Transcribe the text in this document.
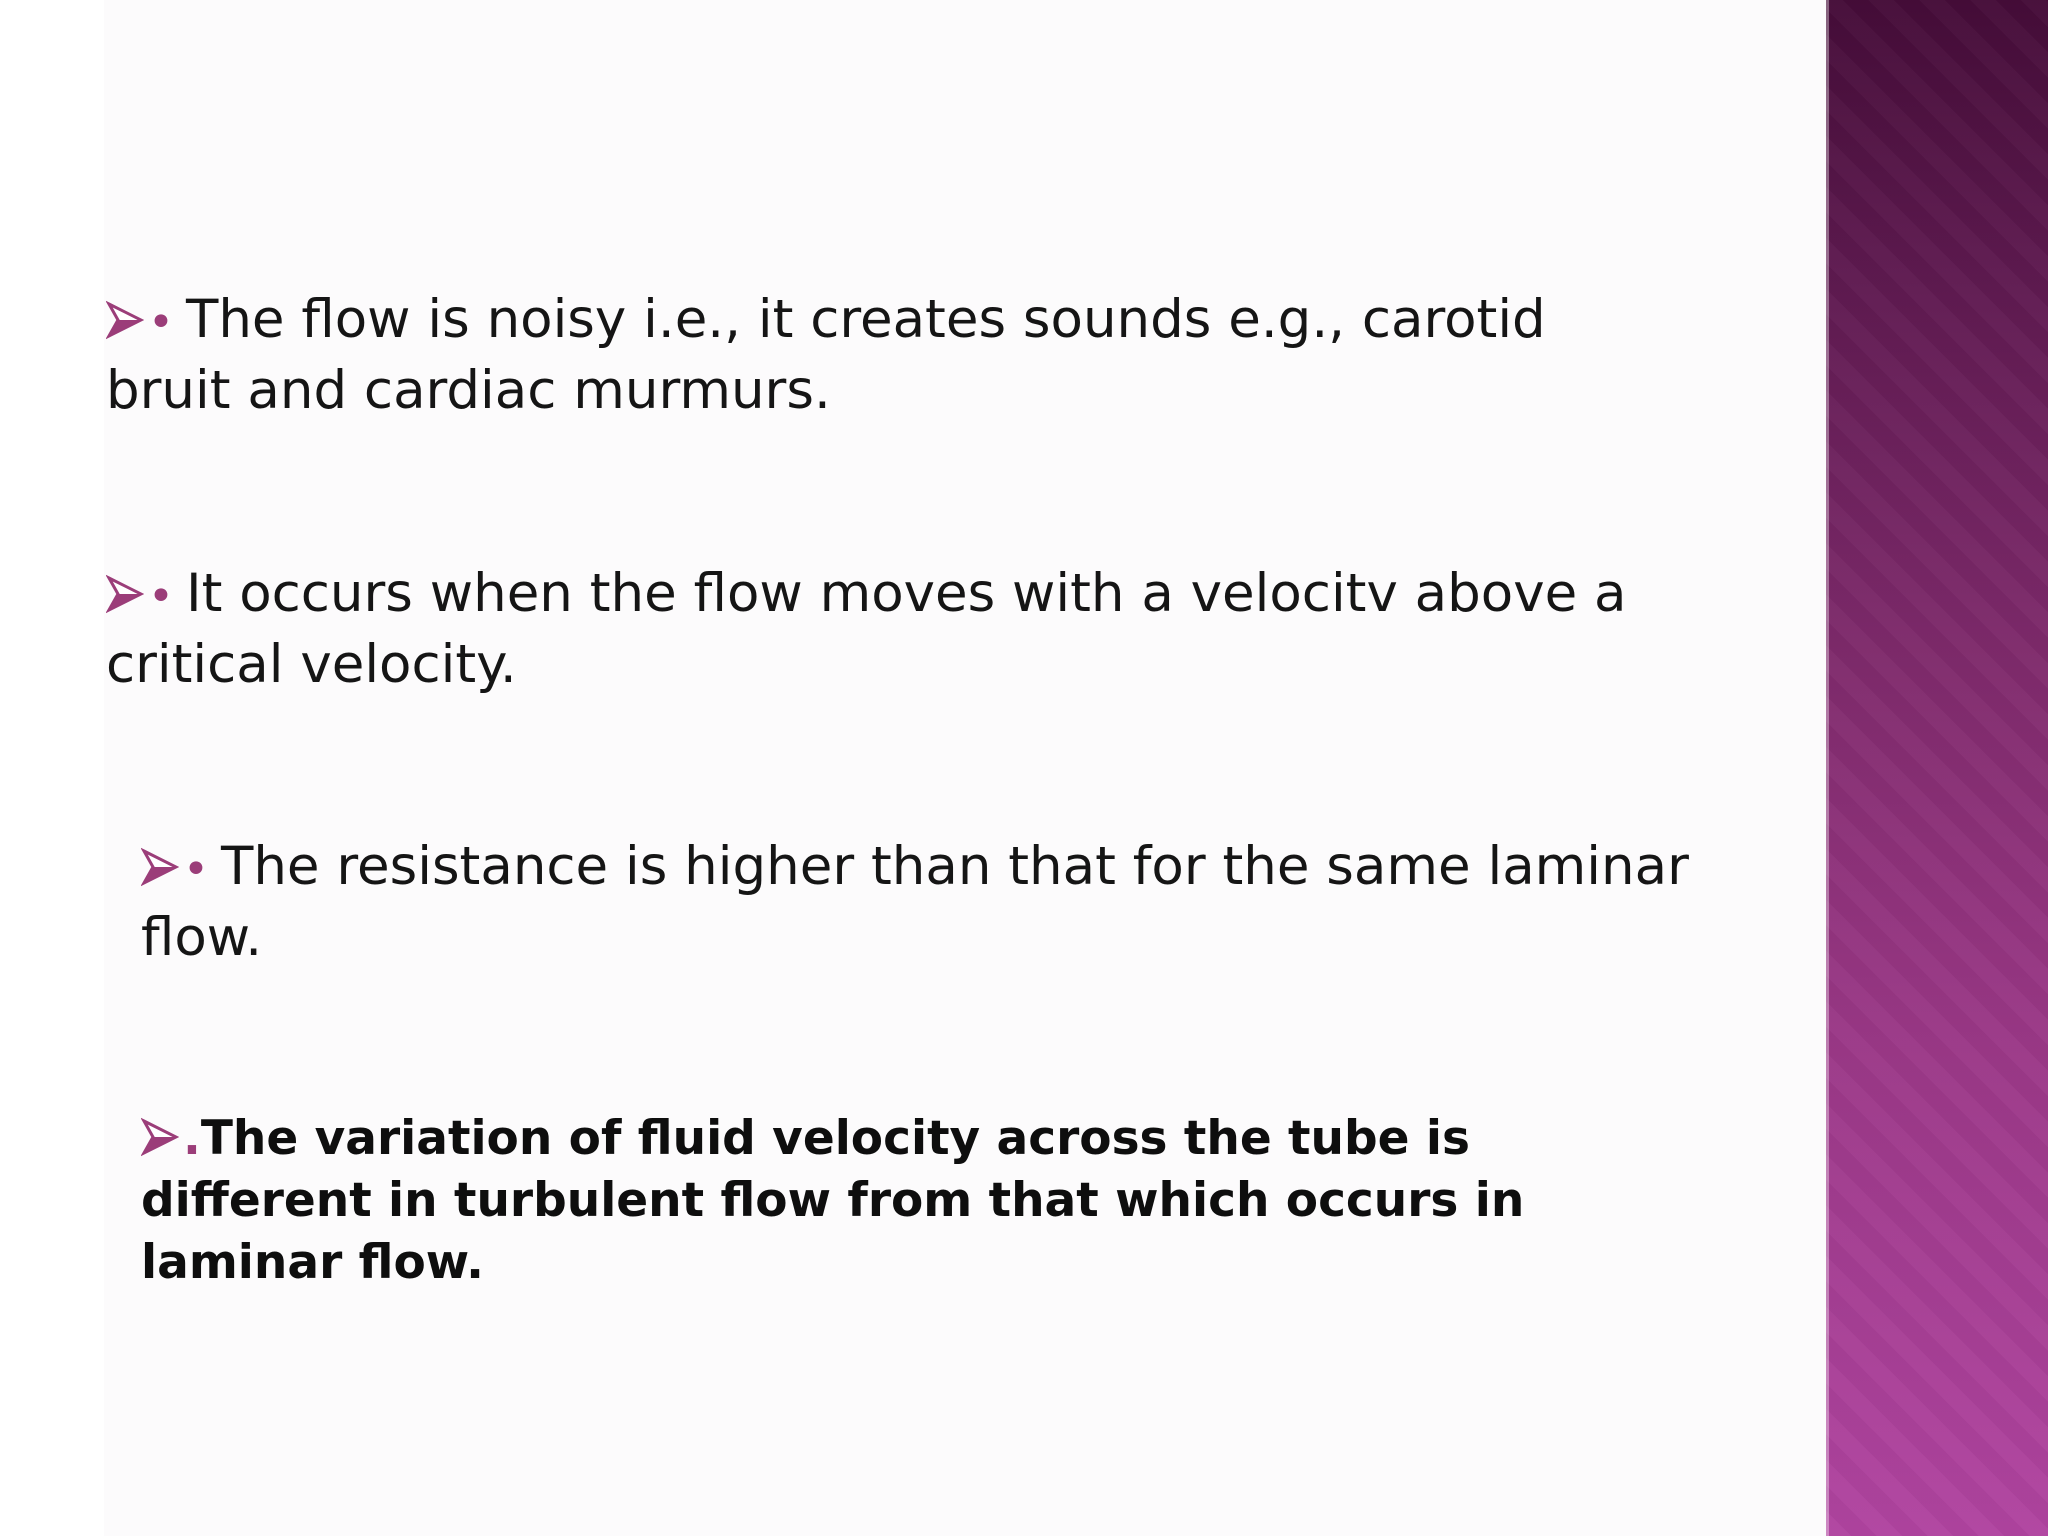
• The flow is noisy i.e., it creates sounds e.g., carotid bruit and cardiac murmurs.

• It occurs when the flow moves with a velocitv above a critical velocity.

• The resistance is higher than that for the same laminar flow.

.The variation of fluid velocity across the tube is different in turbulent flow from that which occurs in laminar flow.
